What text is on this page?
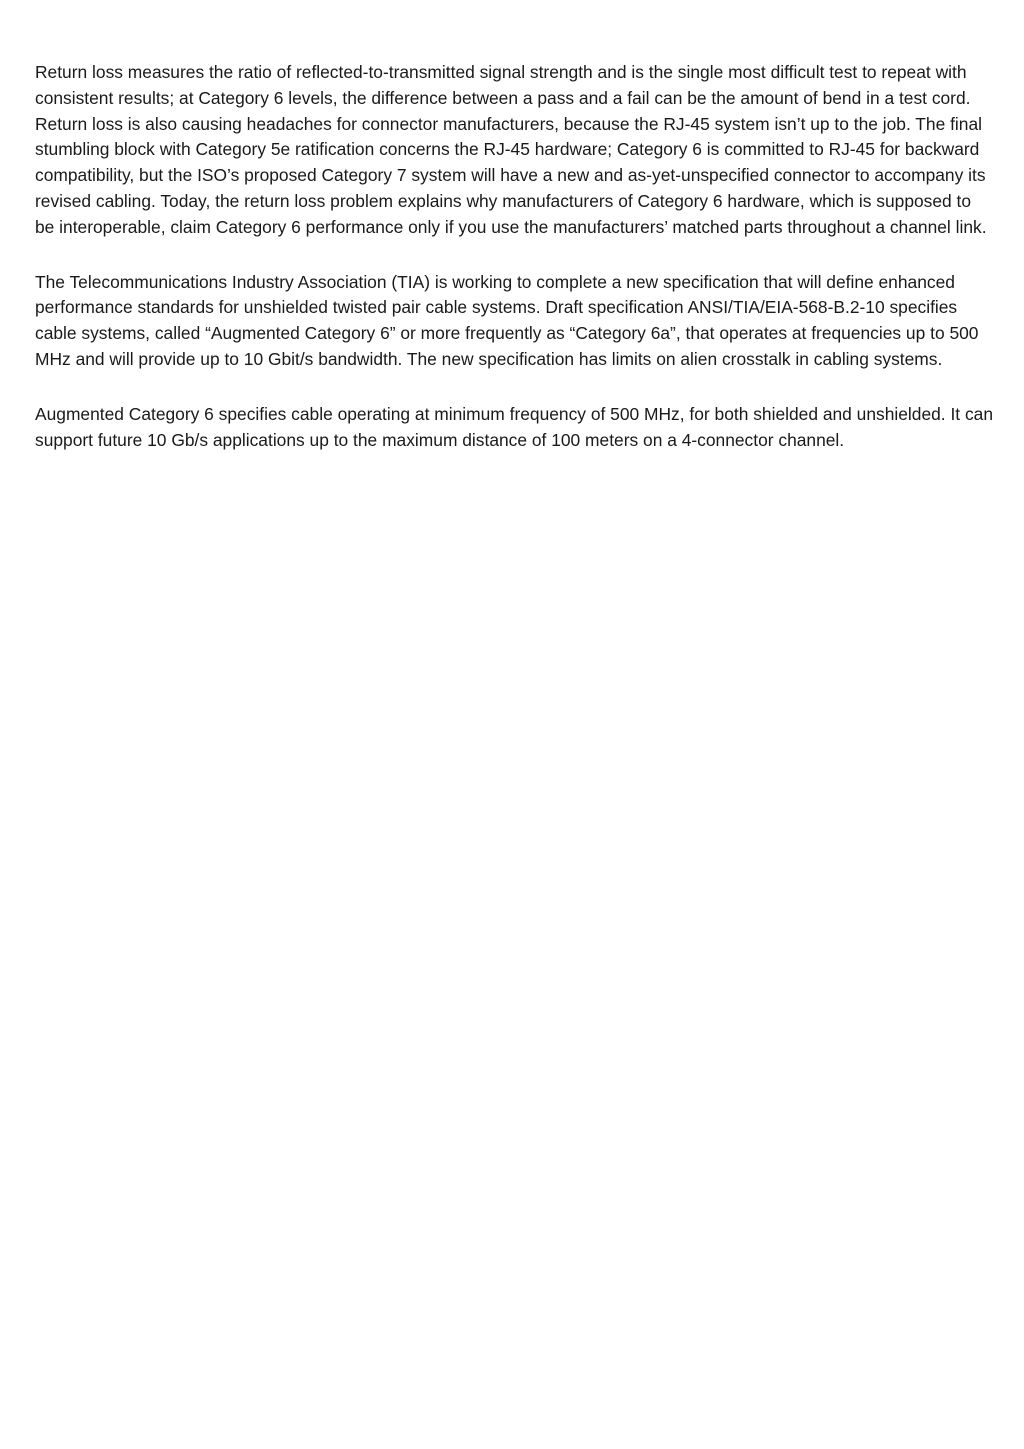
Return loss measures the ratio of reflected-to-transmitted signal strength and is the single most difficult test to repeat with consistent results; at Category 6 levels, the difference between a pass and a fail can be the amount of bend in a test cord. Return loss is also causing headaches for connector manufacturers, because the RJ-45 system isn’t up to the job. The final stumbling block with Category 5e ratification concerns the RJ-45 hardware; Category 6 is committed to RJ-45 for backward compatibility, but the ISO’s proposed Category 7 system will have a new and as-yet-unspecified connector to accompany its revised cabling. Today, the return loss problem explains why manufacturers of Category 6 hardware, which is supposed to be interoperable, claim Category 6 performance only if you use the manufacturers’ matched parts throughout a channel link.

The Telecommunications Industry Association (TIA) is working to complete a new specification that will define enhanced performance standards for unshielded twisted pair cable systems. Draft specification ANSI/TIA/EIA-568-B.2-10 specifies cable systems, called “Augmented Category 6” or more frequently as “Category 6a”, that operates at frequencies up to 500 MHz and will provide up to 10 Gbit/s bandwidth. The new specification has limits on alien crosstalk in cabling systems.

Augmented Category 6 specifies cable operating at minimum frequency of 500 MHz, for both shielded and unshielded. It can support future 10 Gb/s applications up to the maximum distance of 100 meters on a 4-connector channel.
